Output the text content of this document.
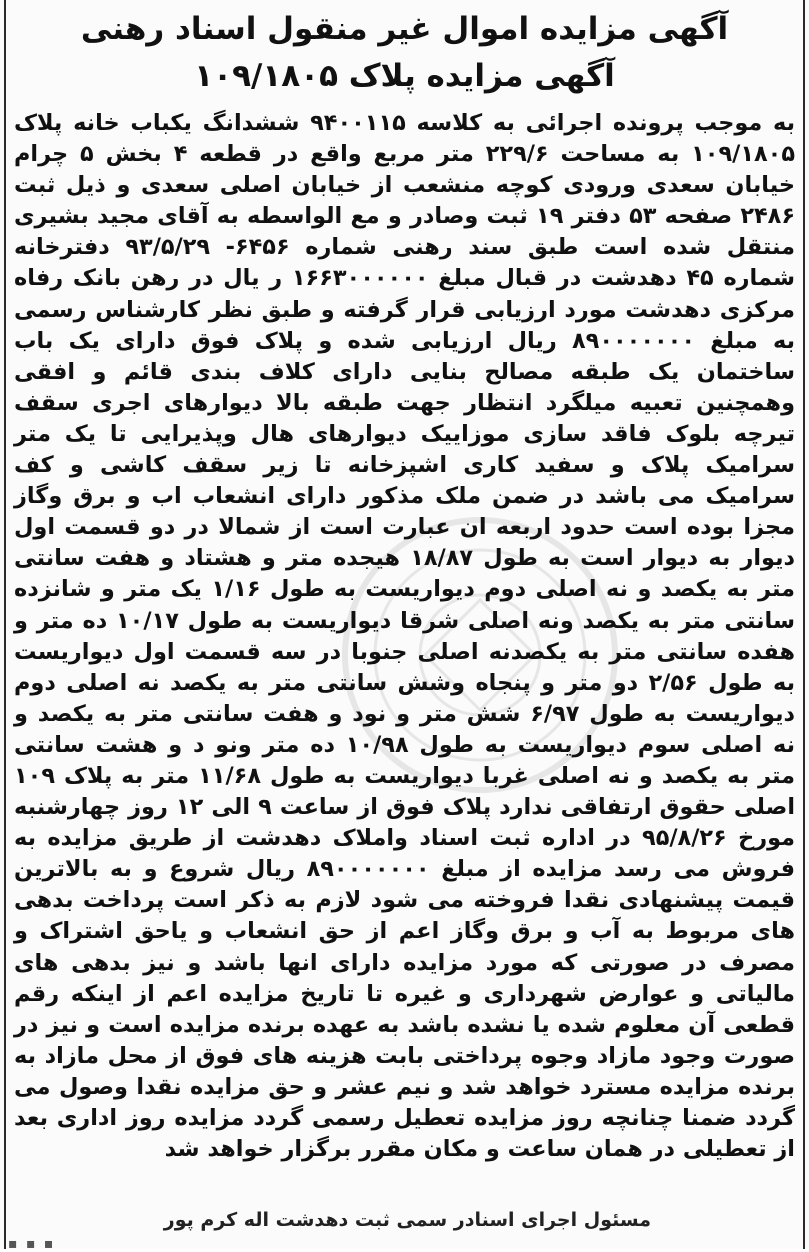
آگهی مزایده اموال غیر منقول اسناد رهنی
آگهی مزایده پلاک ۱۰۹/۱۸۰۵

به موجب پرونده اجرائی به کلاسه ۹۴۰۰۱۱۵ ششدانگ یکباب خانه پلاک ۱۰۹/۱۸۰۵ به مساحت ۲۲۹/۶ متر مربع واقع در قطعه ۴ بخش ۵ چرام خیابان سعدی ورودی کوچه منشعب از خیابان اصلی سعدی و ذیل ثبت ۲۴۸۶ صفحه ۵۳ دفتر ۱۹ ثبت وصادر و مع الواسطه به آقای مجید بشیری منتقل شده است طبق سند رهنی شماره ۶۴۵۶- ۹۳/۵/۲۹ دفترخانه شماره ۴۵ دهدشت در قبال مبلغ ۱۶۶۳۰۰۰۰۰۰ ر یال در رهن بانک رفاه مرکزی دهدشت مورد ارزیابی قرار گرفته و طبق نظر کارشناس رسمی به مبلغ ۸۹۰۰۰۰۰۰۰ ریال ارزیابی شده و پلاک فوق دارای یک باب ساختمان یک طبقه مصالح بنایی دارای کلاف بندی قائم و افقی وهمچنین تعبیه میلگرد انتظار جهت طبقه بالا دیوارهای اجری سقف تیرچه بلوک فاقد سازی موزاییک دیوارهای هال وپذیرایی تا یک متر سرامیک پلاک و سفید کاری اشپزخانه تا زیر سقف کاشی و کف سرامیک می باشد در ضمن ملک مذکور دارای انشعاب اب و برق وگاز مجزا بوده است حدود اربعه ان عبارت است از شمالا در دو قسمت اول دیوار به دیوار است به طول ۱۸/۸۷ هیجده متر و هشتاد و هفت سانتی متر به یکصد و نه اصلی دوم دیواریست به طول ۱/۱۶ یک متر و شانزده سانتی متر به یکصد ونه اصلی شرقا دیواریست به طول ۱۰/۱۷ ده متر و هفده سانتی متر به یکصدنه اصلی جنوبا در سه قسمت اول دیواریست به طول ۲/۵۶ دو متر و پنجاه وشش سانتی متر به یکصد نه اصلی دوم دیواریست به طول ۶/۹۷ شش متر و نود و هفت سانتی متر به یکصد و نه اصلی سوم دیواریست به طول ۱۰/۹۸ ده متر ونو د و هشت سانتی متر به یکصد و نه اصلی غربا دیواریست به طول ۱۱/۶۸ متر به پلاک ۱۰۹ اصلی حقوق ارتفاقی ندارد پلاک فوق از ساعت ۹ الی ۱۲ روز چهارشنبه مورخ ۹۵/۸/۲۶ در اداره ثبت اسناد واملاک دهدشت از طریق مزایده به فروش می رسد مزایده از مبلغ ۸۹۰۰۰۰۰۰۰ ریال شروع و به بالاترین قیمت پیشنهادی نقدا فروخته می شود لازم به ذکر است پرداخت بدهی های مربوط به آب و برق وگاز اعم از حق انشعاب و یاحق اشتراک و مصرف در صورتی که مورد مزایده دارای انها باشد و نیز بدهی های مالیاتی و عوارض شهرداری و غیره تا تاریخ مزایده اعم از اینکه رقم قطعی آن معلوم شده یا نشده باشد به عهده برنده مزایده است و نیز در صورت وجود مازاد وجوه پرداختی بابت هزینه های فوق از محل مازاد به برنده مزایده مسترد خواهد شد و نیم عشر و حق مزایده نقدا وصول می گردد ضمنا چنانچه روز مزایده تعطیل رسمی گردد مزایده روز اداری بعد از تعطیلی در همان ساعت و مکان مقرر برگزار خواهد شد

مسئول اجرای اسنادر سمی ثبت دهدشت اله کرم پور
▪ ▪ ▪
